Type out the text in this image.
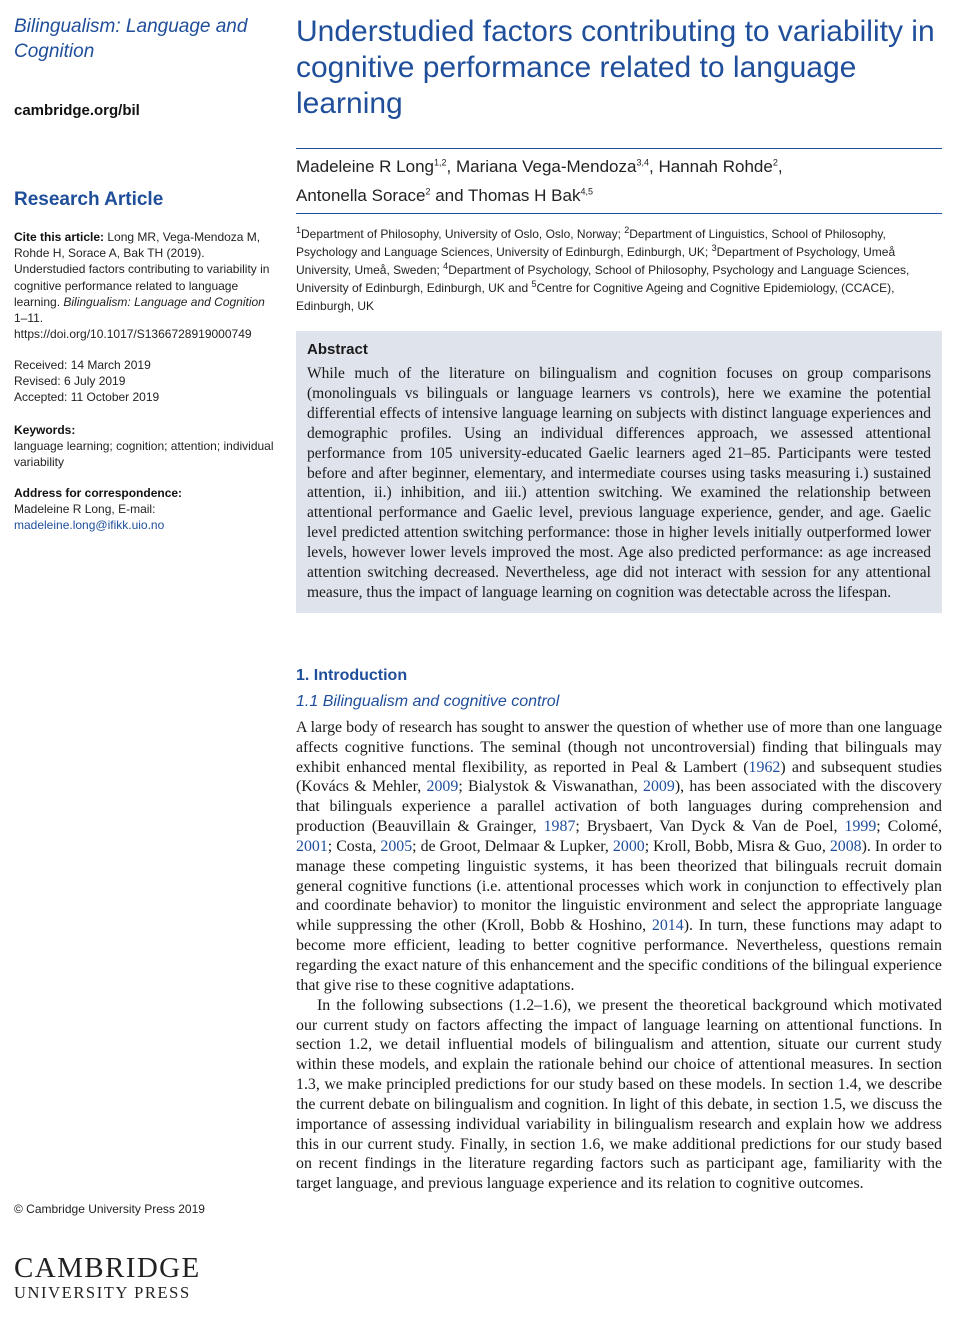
Bilingualism: Language and Cognition

cambridge.org/bil
Research Article
Cite this article: Long MR, Vega-Mendoza M, Rohde H, Sorace A, Bak TH (2019). Understudied factors contributing to variability in cognitive performance related to language learning. Bilingualism: Language and Cognition 1–11. https://doi.org/10.1017/S1366728919000749
Received: 14 March 2019
Revised: 6 July 2019
Accepted: 11 October 2019
Keywords:
language learning; cognition; attention; individual variability
Address for correspondence:
Madeleine R Long, E-mail: madeleine.long@ifikk.uio.no
© Cambridge University Press 2019
CAMBRIDGE
UNIVERSITY PRESS
Understudied factors contributing to variability in cognitive performance related to language learning
Madeleine R Long$^{1,2}$, Mariana Vega-Mendoza$^{3,4}$, Hannah Rohde$^2$,
Antonella Sorace$^2$ and Thomas H Bak$^{4,5}$
$^1$Department of Philosophy, University of Oslo, Oslo, Norway; $^2$Department of Linguistics, School of Philosophy, Psychology and Language Sciences, University of Edinburgh, Edinburgh, UK; $^3$Department of Psychology, Umeå University, Umeå, Sweden; $^4$Department of Psychology, School of Philosophy, Psychology and Language Sciences, University of Edinburgh, Edinburgh, UK and $^5$Centre for Cognitive Ageing and Cognitive Epidemiology, (CCACE), Edinburgh, UK
Abstract
While much of the literature on bilingualism and cognition focuses on group comparisons (monolinguals vs bilinguals or language learners vs controls), here we examine the potential differential effects of intensive language learning on subjects with distinct language experiences and demographic profiles. Using an individual differences approach, we assessed attentional performance from 105 university-educated Gaelic learners aged 21–85. Participants were tested before and after beginner, elementary, and intermediate courses using tasks measuring i.) sustained attention, ii.) inhibition, and iii.) attention switching. We examined the relationship between attentional performance and Gaelic level, previous language experience, gender, and age. Gaelic level predicted attention switching performance: those in higher levels initially outperformed lower levels, however lower levels improved the most. Age also predicted performance: as age increased attention switching decreased. Nevertheless, age did not interact with session for any attentional measure, thus the impact of language learning on cognition was detectable across the lifespan.
1. Introduction
1.1 Bilingualism and cognitive control

A large body of research has sought to answer the question of whether use of more than one language affects cognitive functions. The seminal (though not uncontroversial) finding that bilinguals may exhibit enhanced mental flexibility, as reported in Peal & Lambert (1962) and subsequent studies (Kovács & Mehler, 2009; Bialystok & Viswanathan, 2009), has been associated with the discovery that bilinguals experience a parallel activation of both languages during comprehension and production (Beauvillain & Grainger, 1987; Brysbaert, Van Dyck & Van de Poel, 1999; Colomé, 2001; Costa, 2005; de Groot, Delmaar & Lupker, 2000; Kroll, Bobb, Misra & Guo, 2008). In order to manage these competing linguistic systems, it has been theorized that bilinguals recruit domain general cognitive functions (i.e. attentional processes which work in conjunction to effectively plan and coordinate behavior) to monitor the linguistic environment and select the appropriate language while suppressing the other (Kroll, Bobb & Hoshino, 2014). In turn, these functions may adapt to become more efficient, leading to better cognitive performance. Nevertheless, questions remain regarding the exact nature of this enhancement and the specific conditions of the bilingual experience that give rise to these cognitive adaptations.

In the following subsections (1.2–1.6), we present the theoretical background which motivated our current study on factors affecting the impact of language learning on attentional functions. In section 1.2, we detail influential models of bilingualism and attention, situate our current study within these models, and explain the rationale behind our choice of attentional measures. In section 1.3, we make principled predictions for our study based on these models. In section 1.4, we describe the current debate on bilingualism and cognition. In light of this debate, in section 1.5, we discuss the importance of assessing individual variability in bilingualism research and explain how we address this in our current study. Finally, in section 1.6, we make additional predictions for our study based on recent findings in the literature regarding factors such as participant age, familiarity with the target language, and previous language experience and its relation to cognitive outcomes.
